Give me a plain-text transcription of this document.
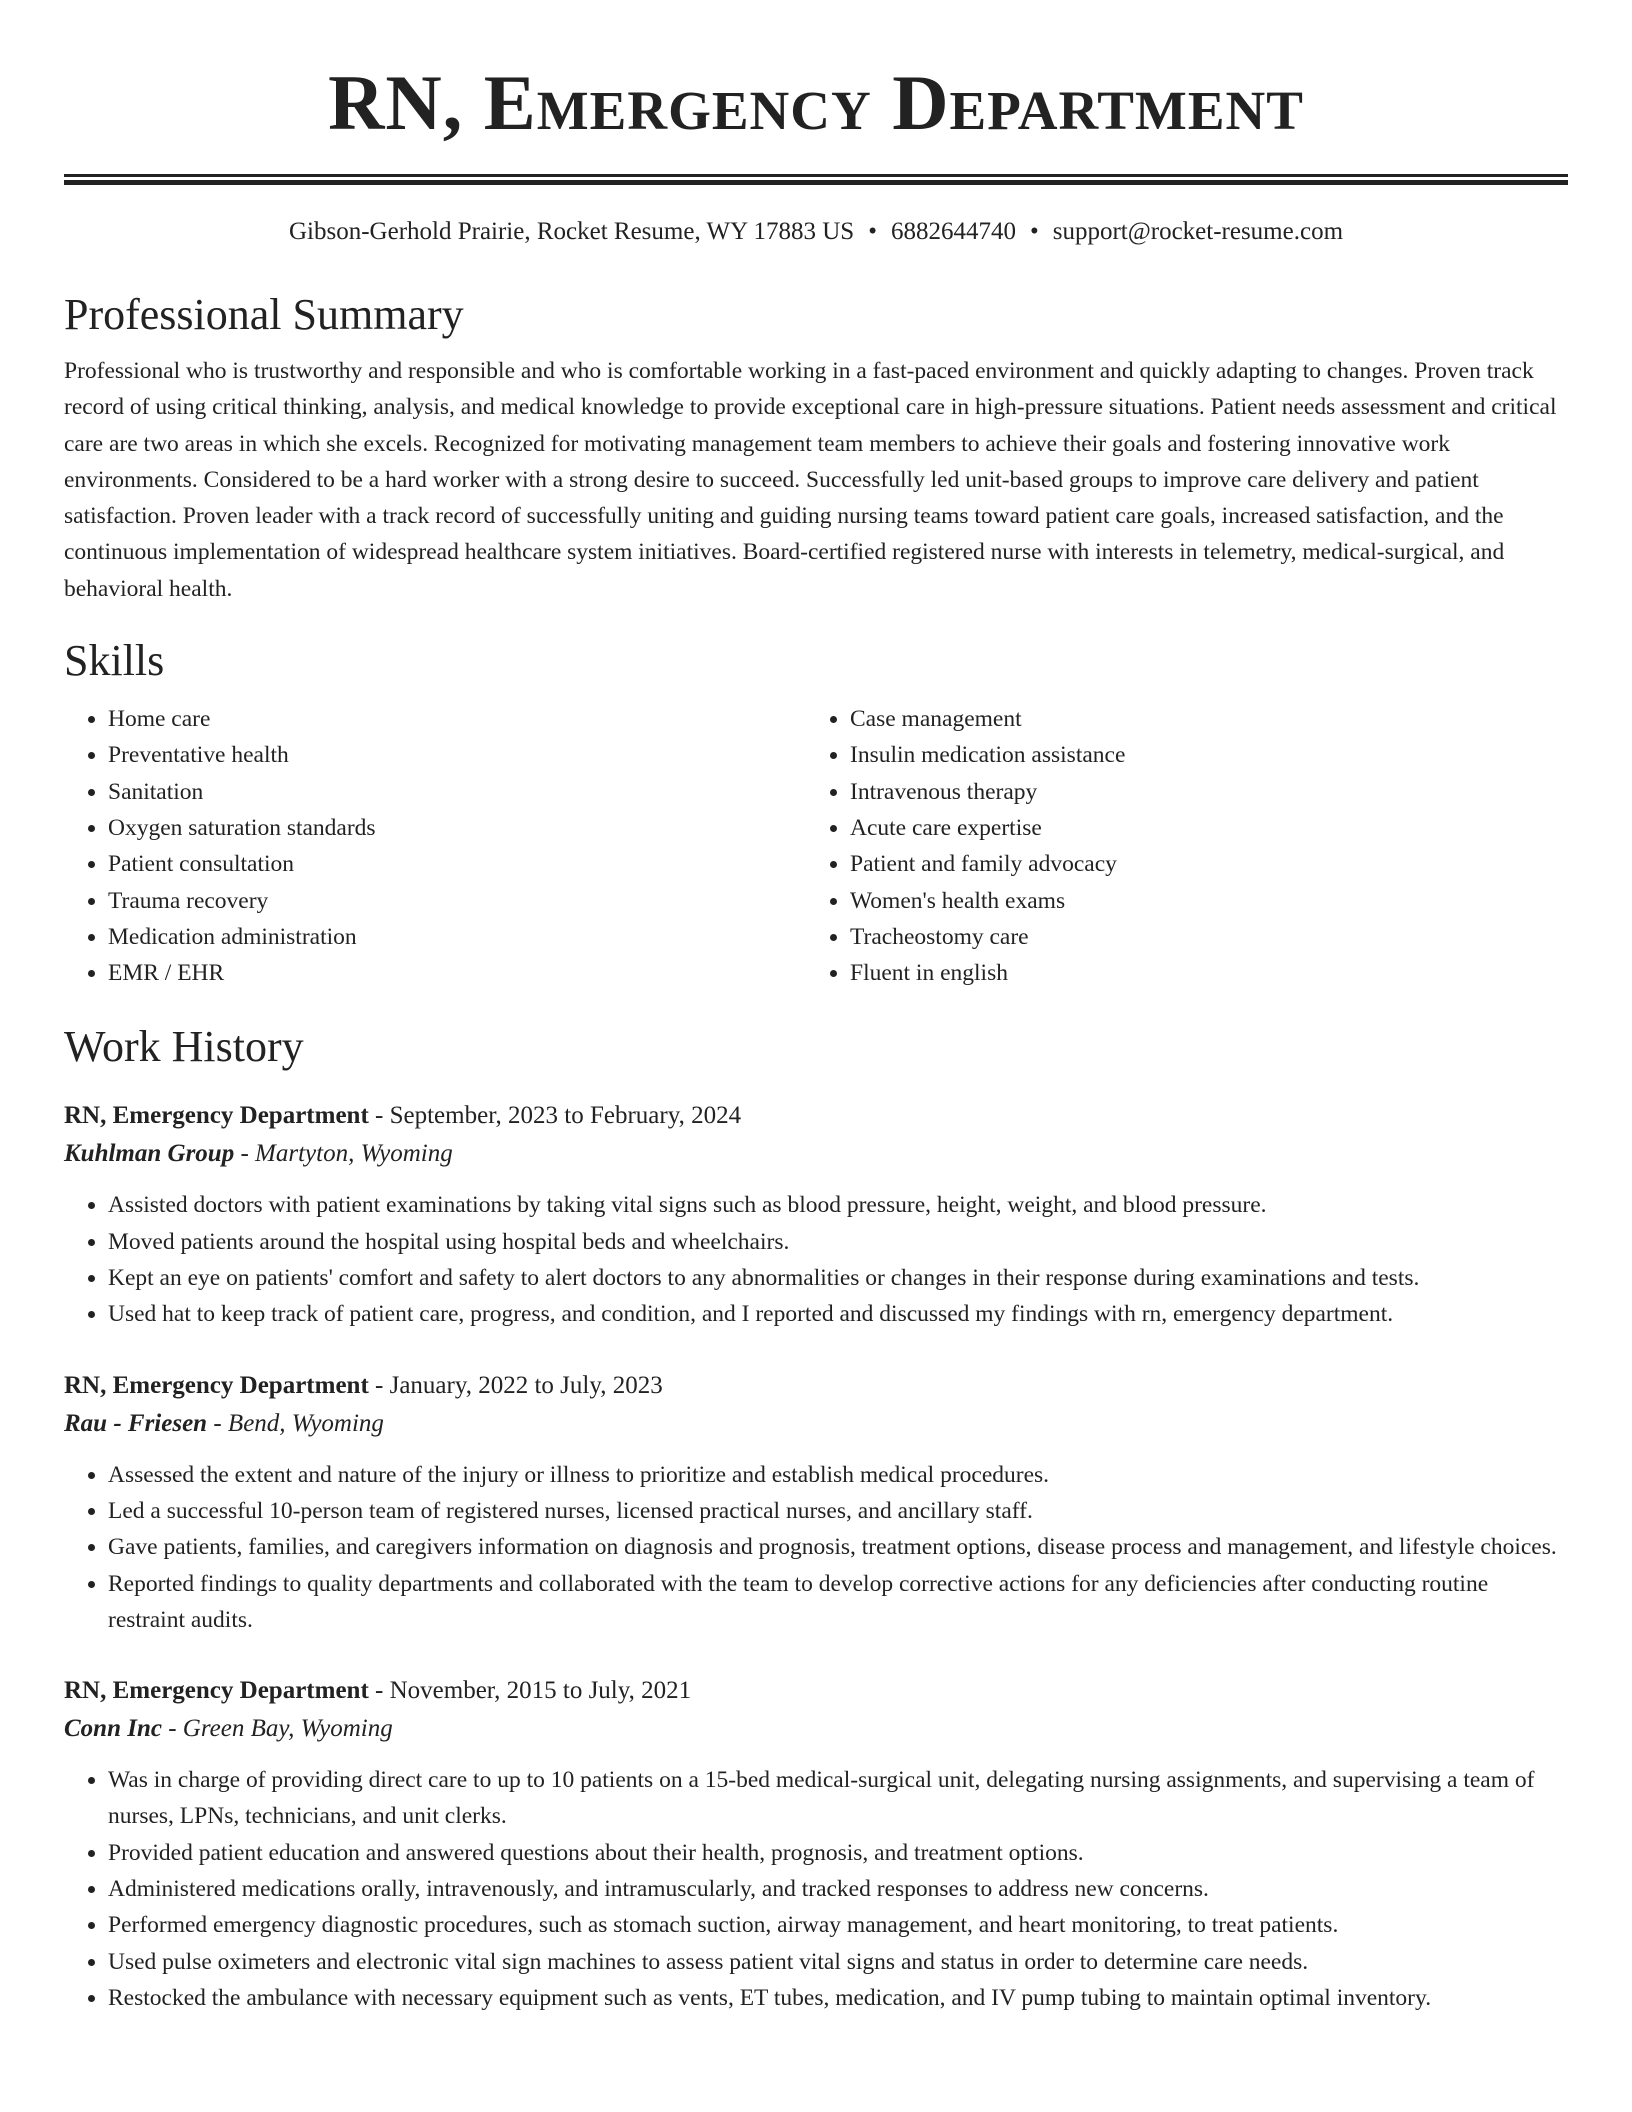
RN, Emergency Department
Gibson-Gerhold Prairie, Rocket Resume, WY 17883 US • 6882644740 • support@rocket-resume.com
Professional Summary

Professional who is trustworthy and responsible and who is comfortable working in a fast-paced environment and quickly adapting to changes. Proven track record of using critical thinking, analysis, and medical knowledge to provide exceptional care in high-pressure situations. Patient needs assessment and critical care are two areas in which she excels. Recognized for motivating management team members to achieve their goals and fostering innovative work environments. Considered to be a hard worker with a strong desire to succeed. Successfully led unit-based groups to improve care delivery and patient satisfaction. Proven leader with a track record of successfully uniting and guiding nursing teams toward patient care goals, increased satisfaction, and the continuous implementation of widespread healthcare system initiatives. Board-certified registered nurse with interests in telemetry, medical-surgical, and behavioral health.

Skills
• Home care
• Preventative health
• Sanitation
• Oxygen saturation standards
• Patient consultation
• Trauma recovery
• Medication administration
• EMR / EHR
• Case management
• Insulin medication assistance
• Intravenous therapy
• Acute care expertise
• Patient and family advocacy
• Women's health exams
• Tracheostomy care
• Fluent in english
Work History
RN, Emergency Department - September, 2023 to February, 2024
Kuhlman Group - Martyton, Wyoming
• Assisted doctors with patient examinations by taking vital signs such as blood pressure, height, weight, and blood pressure.
• Moved patients around the hospital using hospital beds and wheelchairs.
• Kept an eye on patients' comfort and safety to alert doctors to any abnormalities or changes in their response during examinations and tests.
• Used hat to keep track of patient care, progress, and condition, and I reported and discussed my findings with rn, emergency department.
RN, Emergency Department - January, 2022 to July, 2023
Rau - Friesen - Bend, Wyoming
• Assessed the extent and nature of the injury or illness to prioritize and establish medical procedures.
• Led a successful 10-person team of registered nurses, licensed practical nurses, and ancillary staff.
• Gave patients, families, and caregivers information on diagnosis and prognosis, treatment options, disease process and management, and lifestyle choices.
• Reported findings to quality departments and collaborated with the team to develop corrective actions for any deficiencies after conducting routine restraint audits.
RN, Emergency Department - November, 2015 to July, 2021
Conn Inc - Green Bay, Wyoming
• Was in charge of providing direct care to up to 10 patients on a 15-bed medical-surgical unit, delegating nursing assignments, and supervising a team of nurses, LPNs, technicians, and unit clerks.
• Provided patient education and answered questions about their health, prognosis, and treatment options.
• Administered medications orally, intravenously, and intramuscularly, and tracked responses to address new concerns.
• Performed emergency diagnostic procedures, such as stomach suction, airway management, and heart monitoring, to treat patients.
• Used pulse oximeters and electronic vital sign machines to assess patient vital signs and status in order to determine care needs.
• Restocked the ambulance with necessary equipment such as vents, ET tubes, medication, and IV pump tubing to maintain optimal inventory.
